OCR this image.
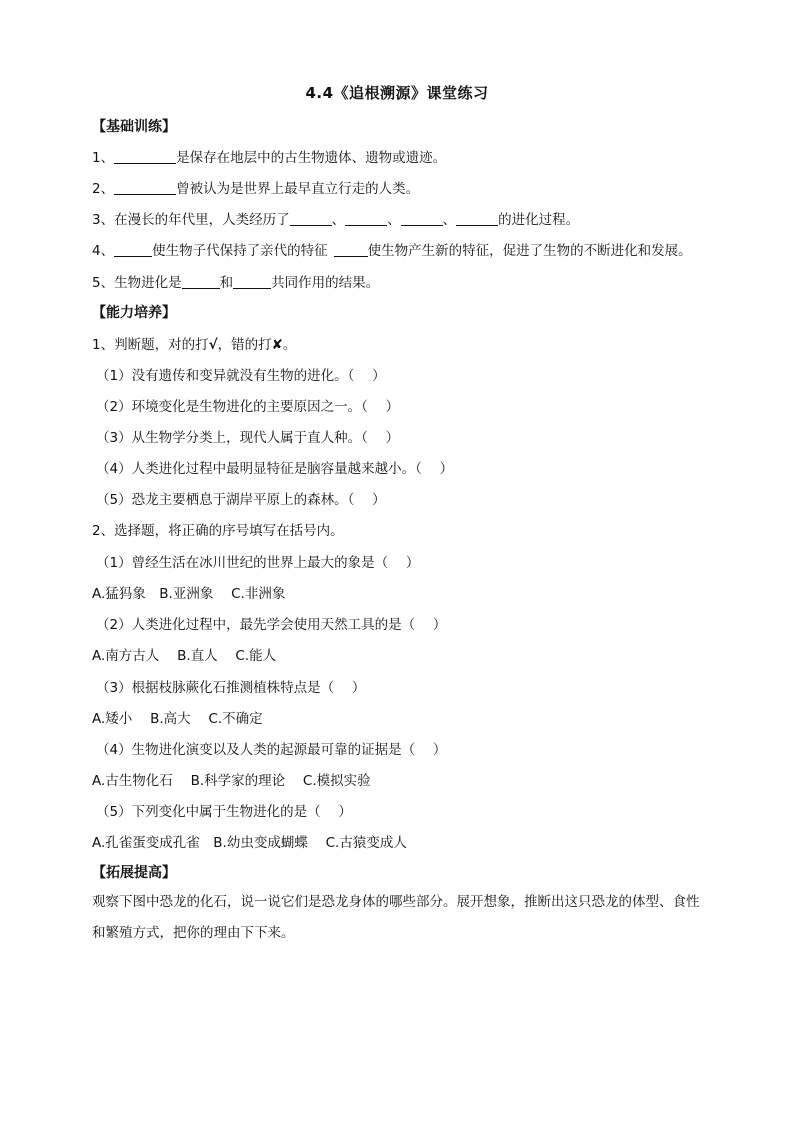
4.4《追根溯源》课堂练习
【基础训练】
1、	是保存在地层中的古生物遗体、遗物或遗迹。
2、	曾被认为是世界上最早直立行走的人类。
3、在漫长的年代里，人类经历了	、	、	、	的进化过程。
4、	使生物子代保持了亲代的特征	使生物产生新的特征，促进了生物的不断进化和发展。
5、生物进化是	和	共同作用的结果。
【能力培养】
1、判断题，对的打√，错的打✘。
（1）没有遗传和变异就没有生物的进化。（　 ）
（2）环境变化是生物进化的主要原因之一。（　 ）
（3）从生物学分类上，现代人属于直人种。（　 ）
（4）人类进化过程中最明显特征是脑容量越来越小。（　 ）
（5）恐龙主要栖息于湖岸平原上的森林。（　 ）
2、选择题，将正确的序号填写在括号内。
（1）曾经生活在冰川世纪的世界上最大的象是（　 ）
A.猛犸象　B.亚洲象　 C.非洲象
（2）人类进化过程中，最先学会使用天然工具的是（　 ）
A.南方古人　 B.直人　 C.能人
（3）根据枝脉蕨化石推测植株特点是（　 ）
A.矮小　 B.高大　 C.不确定
（4）生物进化演变以及人类的起源最可靠的证据是（　 ）
A.古生物化石　 B.科学家的理论　 C.模拟实验
（5）下列变化中属于生物进化的是（　 ）
A.孔雀蛋变成孔雀　B.幼虫变成蝴蝶　 C.古猿变成人
【拓展提高】
观察下图中恐龙的化石，说一说它们是恐龙身体的哪些部分。展开想象，推断出这只恐龙的体型、食性和繁殖方式，把你的理由下下来。
